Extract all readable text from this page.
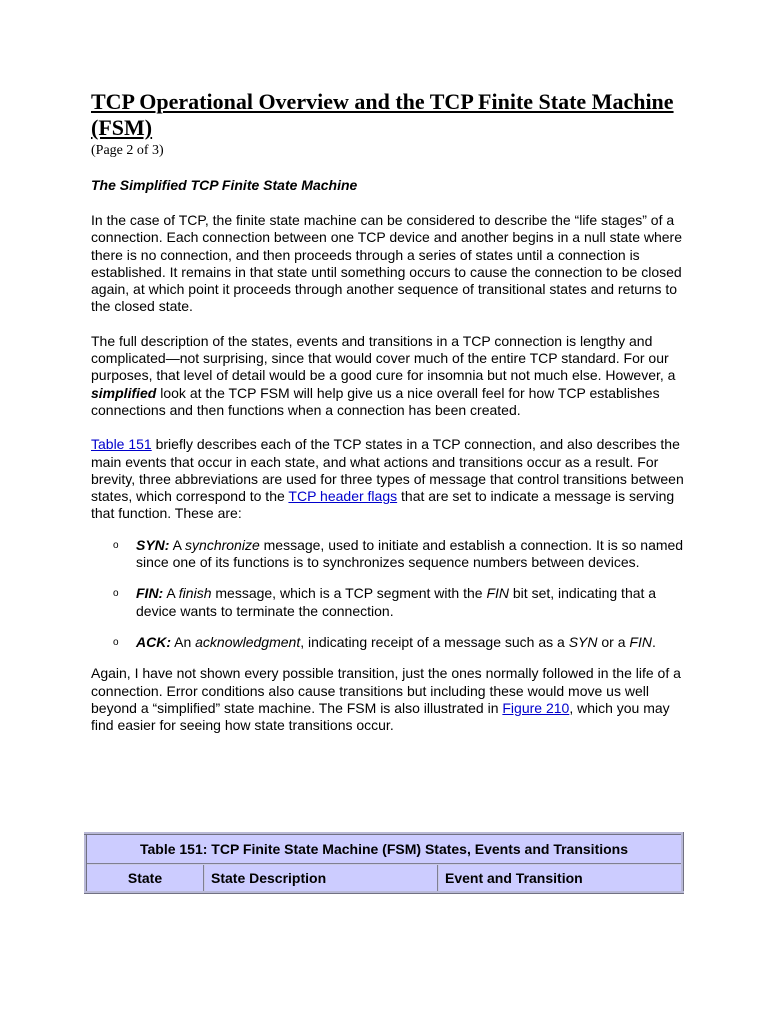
TCP Operational Overview and the TCP Finite State Machine (FSM)
(Page 2 of 3)
The Simplified TCP Finite State Machine

In the case of TCP, the finite state machine can be considered to describe the “life stages” of a connection. Each connection between one TCP device and another begins in a null state where there is no connection, and then proceeds through a series of states until a connection is established. It remains in that state until something occurs to cause the connection to be closed again, at which point it proceeds through another sequence of transitional states and returns to the closed state.

The full description of the states, events and transitions in a TCP connection is lengthy and complicated—not surprising, since that would cover much of the entire TCP standard. For our purposes, that level of detail would be a good cure for insomnia but not much else. However, a simplified look at the TCP FSM will help give us a nice overall feel for how TCP establishes connections and then functions when a connection has been created.

Table 151 briefly describes each of the TCP states in a TCP connection, and also describes the main events that occur in each state, and what actions and transitions occur as a result. For brevity, three abbreviations are used for three types of message that control transitions between states, which correspond to the TCP header flags that are set to indicate a message is serving that function. These are:

o SYN: A synchronize message, used to initiate and establish a connection. It is so named since one of its functions is to synchronizes sequence numbers between devices.
o FIN: A finish message, which is a TCP segment with the FIN bit set, indicating that a device wants to terminate the connection.
o ACK: An acknowledgment, indicating receipt of a message such as a SYN or a FIN.

Again, I have not shown every possible transition, just the ones normally followed in the life of a connection. Error conditions also cause transitions but including these would move us well beyond a “simplified” state machine. The FSM is also illustrated in Figure 210, which you may find easier for seeing how state transitions occur.

Table 151: TCP Finite State Machine (FSM) States, Events and Transitions
State	State Description	Event and Transition
